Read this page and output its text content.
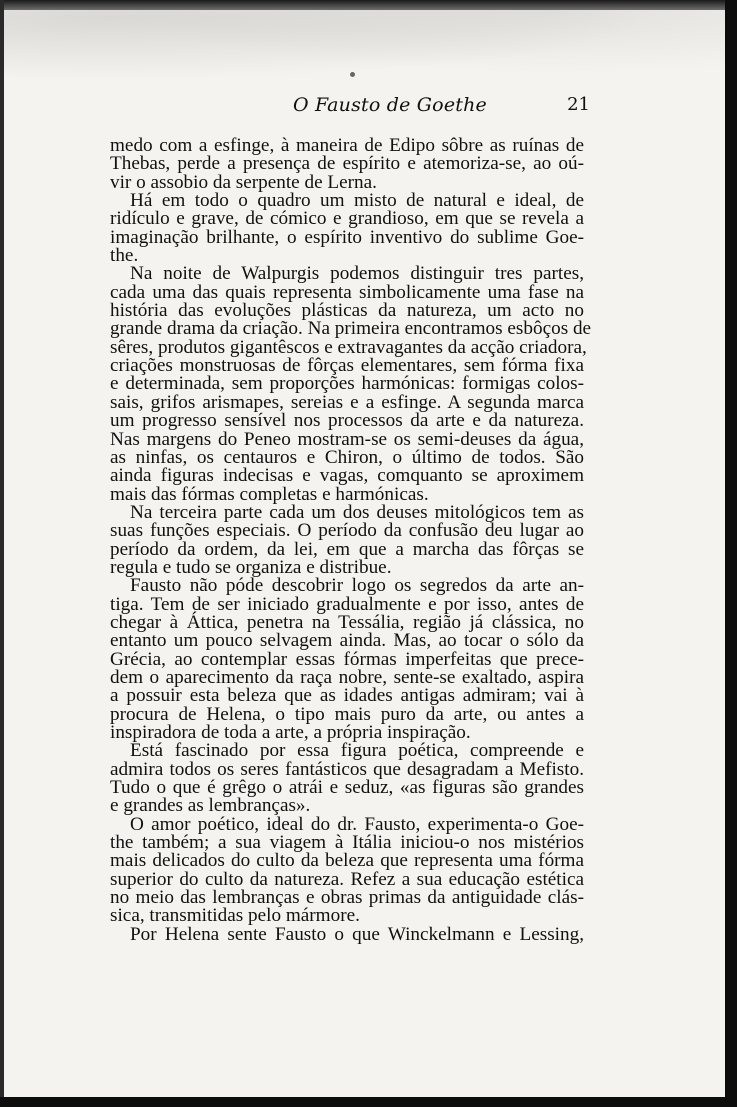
O Fausto de Goethe	21
medo com a esfinge, à maneira de Edipo sôbre as ruínas de
Thebas, perde a presença de espírito e atemoriza-se, ao oú-
vir o assobio da serpente de Lerna.
Há em todo o quadro um misto de natural e ideal, de
ridículo e grave, de cómico e grandioso, em que se revela a
imaginação brilhante, o espírito inventivo do sublime Goe-
the.
Na noite de Walpurgis podemos distinguir tres partes,
cada uma das quais representa simbolicamente uma fase na
história das evoluções plásticas da natureza, um acto no
grande drama da criação. Na primeira encontramos esbôços de
sêres, produtos gigantêscos e extravagantes da acção criadora,
criações monstruosas de fôrças elementares, sem fórma fixa
e determinada, sem proporções harmónicas: formigas colos-
sais, grifos arismapes, sereias e a esfinge. A segunda marca
um progresso sensível nos processos da arte e da natureza.
Nas margens do Peneo mostram-se os semi-deuses da água,
as ninfas, os centauros e Chiron, o último de todos. São
ainda figuras indecisas e vagas, comquanto se aproximem
mais das fórmas completas e harmónicas.
Na terceira parte cada um dos deuses mitológicos tem as
suas funções especiais. O período da confusão deu lugar ao
período da ordem, da lei, em que a marcha das fôrças se
regula e tudo se organiza e distribue.
Fausto não póde descobrir logo os segredos da arte an-
tiga. Tem de ser iniciado gradualmente e por isso, antes de
chegar à Áttica, penetra na Tessália, região já clássica, no
entanto um pouco selvagem ainda. Mas, ao tocar o sólo da
Grécia, ao contemplar essas fórmas imperfeitas que prece-
dem o aparecimento da raça nobre, sente-se exaltado, aspira
a possuir esta beleza que as idades antigas admiram; vai à
procura de Helena, o tipo mais puro da arte, ou antes a
inspiradora de toda a arte, a própria inspiração.
Está fascinado por essa figura poética, compreende e
admira todos os seres fantásticos que desagradam a Mefisto.
Tudo o que é grêgo o atrái e seduz, «as figuras são grandes
e grandes as lembranças».
O amor poético, ideal do dr. Fausto, experimenta-o Goe-
the também; a sua viagem à Itália iniciou-o nos mistérios
mais delicados do culto da beleza que representa uma fórma
superior do culto da natureza. Refez a sua educação estética
no meio das lembranças e obras primas da antiguidade clás-
sica, transmitidas pelo mármore.
Por Helena sente Fausto o que Winckelmann e Lessing,
